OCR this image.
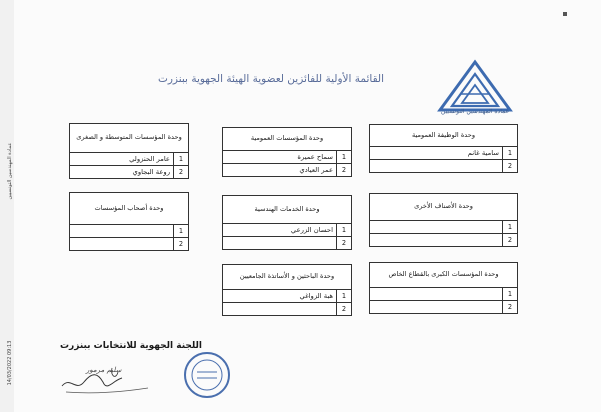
عمادة المهندسين التونسيين
14/03/2022 09:13
القائمة الأولية للفائزين لعضوية الهيئة الجهوية ببنزرت
عمادة المهندسين التونسيين
وحدة الوظيفة العمومية
1
سامية غانم
2
وحدة المؤسسات العمومية
1
سماح عميرة
2
عمر العيادي
وحدة المؤسسات المتوسطة و الصغرى
1
عامر الحنزولي
2
روعة البجاوي
وحدة الأصناف الأخرى
1
2
وحدة الخدمات الهندسية
1
احسان الزرعي
2
وحدة أصحاب المؤسسات
1
2
وحدة المؤسسات الكبرى بالقطاع الخاص
1
2
وحدة الباحثين و الأساتذة الجامعيين
1
هبة الزواغي
2
اللجنة الجهوية للانتخابات ببنزرت
سليم مرمور
